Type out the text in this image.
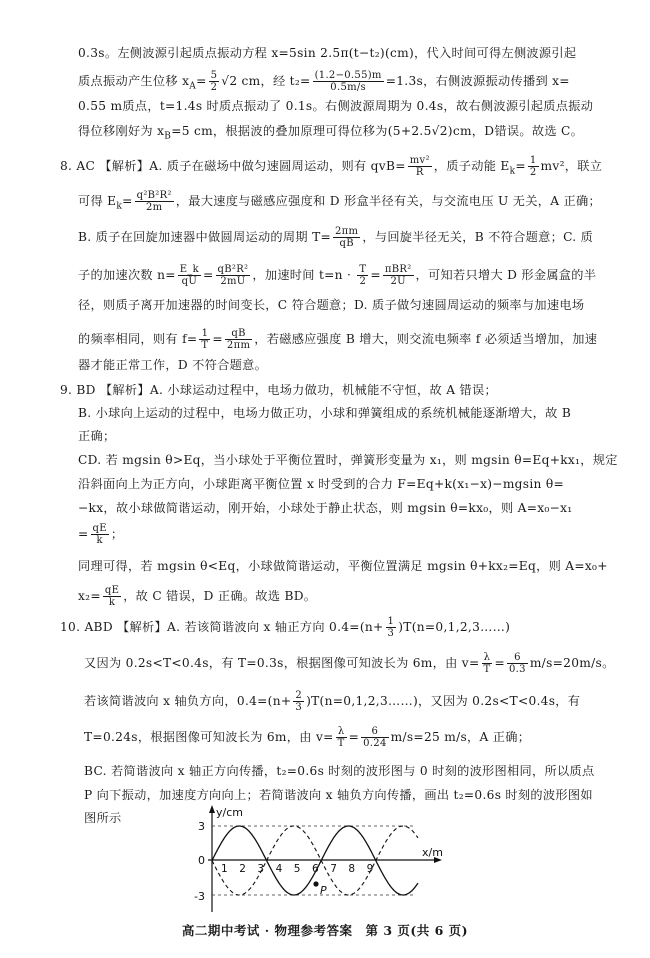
0.3s。左侧波源引起质点振动方程 x=5sin 2.5π(t−t₂)(cm)，代入时间可得左侧波源引起
质点振动产生位移 $x_A= \frac{5}{2} √2$ cm，经 $t_2= \frac{(1.2-0.55)m}{0.5m/s} =1.3s$，右侧波源振动传播到 x=
0.55 m质点，t=1.4s 时质点振动了 0.1s。右侧波源周期为 0.4s，故右侧波源引起质点振动
得位移刚好为 $x_B=5$ cm，根据波的叠加原理可得位移为(5+2.5√2)cm，D错误。故选 C。
8. AC 【解析】A. 质子在磁场中做匀速圆周运动，则有 $qvB= \frac{\text{mv²}}{R}$ ，质子动能 $E_k= \frac{1}{2} mv^2$，联立
可得 $E_k= \frac{\text{q²B²R²}}{2m}$ ，最大速度与磁感应强度和 D 形盒半径有关，与交流电压 U 无关，A 正确；
B. 质子在回旋加速器中做圆周运动的周期 $T= \frac{2\pi m}{qB}$ ，与回旋半径无关，B 不符合题意；C. 质
子的加速次数 $n= \frac{E\_k}{qU} = \frac{\text{qB²R²}}{2mU}$ ，加速时间 $t=n \cdot \frac{T}{2} = \frac{\text{πBR²}}{2U}$ ，可知若只增大 D 形金属盒的半
径，则质子离开加速器的时间变长，C 符合题意；D. 质子做匀速圆周运动的频率与加速电场
的频率相同，则有 $f= \frac{1}{T} = \frac{qB}{2\pi m}$ ，若磁感应强度 B 增大，则交流电频率 f 必须适当增加，加速
器才能正常工作，D 不符合题意。
9. BD 【解析】A. 小球运动过程中，电场力做功，机械能不守恒，故 A 错误；
B. 小球向上运动的过程中，电场力做正功，小球和弹簧组成的系统机械能逐渐增大，故 B
正确；
CD. 若 mgsin θ>Eq，当小球处于平衡位置时，弹簧形变量为 x₁，则 mgsin θ=Eq+kx₁，规定
沿斜面向上为正方向，小球距离平衡位置 x 时受到的合力 F=Eq+k(x₁−x)−mgsin θ=
−kx，故小球做简谐运动，刚开始，小球处于静止状态，则 mgsin θ=kx₀，则 A=x₀−x₁
= $\frac{qE}{k}$ ；
同理可得，若 mgsin θ<Eq，小球做简谐运动，平衡位置满足 mgsin θ+kx₂=Eq，则 A=x₀+
$x_2= \frac{qE}{k}$ ，故 C 错误，D 正确。故选 BD。
10. ABD 【解析】A. 若该简谐波向 x 轴正方向 $0.4=(n+ \frac{1}{3}$ )T(n=0,1,2,3……)
又因为 0.2s<T<0.4s，有 T=0.3s，根据图像可知波长为 6m，由 $v= \frac{\lambda}{T} = \frac{6}{0.3} m/s=20m/s$。
若该简谐波向 x 轴负方向，$0.4=(n+ \frac{2}{3}$ )T(n=0,1,2,3……)，又因为 0.2s<T<0.4s，有
T=0.24s，根据图像可知波长为 6m，由 $v= \frac{\lambda}{T} = \frac{6}{0.24} m/s=25$ m/s，A 正确；
BC. 若简谐波向 x 轴正方向传播，t₂=0.6s 时刻的波形图与 0 时刻的波形图相同，所以质点
P 向下振动，加速度方向向上；若简谐波向 x 轴负方向传播，画出 t₂=0.6s 时刻的波形图如
图所示	y/cm
x/m
3
0
-3
1 2 3 4 5 6 7 8 9
P
高二期中考试 · 物理参考答案　第 3 页(共 6 页)
